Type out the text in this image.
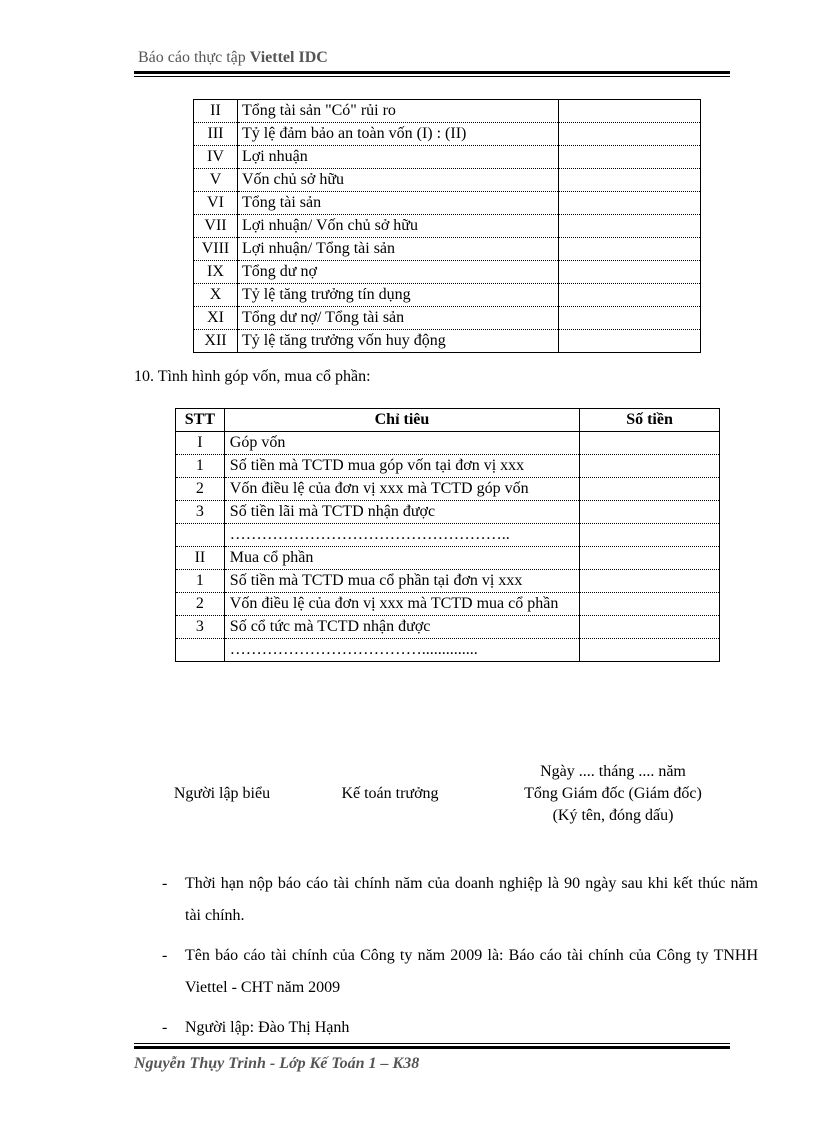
Báo cáo thực tập Viettel IDC
II	Tổng tài sản "Có" rủi ro	
III	Tỷ lệ đảm bảo an toàn vốn (I) : (II)	
IV	Lợi nhuận	
V	Vốn chủ sở hữu	
VI	Tổng tài sản	
VII	Lợi nhuận/ Vốn chủ sở hữu	
VIII	Lợi nhuận/ Tổng tài sản	
IX	Tổng dư nợ	
X	Tỷ lệ tăng trưởng tín dụng	
XI	Tổng dư nợ/ Tổng tài sản	
XII	Tỷ lệ tăng trưởng vốn huy động	
10. Tình hình góp vốn, mua cổ phần:
STT	Chỉ tiêu	Số tiền
I	Góp vốn	
1	Số tiền mà TCTD mua góp vốn tại đơn vị xxx	
2	Vốn điều lệ của đơn vị xxx mà TCTD góp vốn	
3	Số tiền lãi mà TCTD nhận được	
	……………………………………………..	
II	Mua cổ phần	
1	Số tiền mà TCTD mua cổ phần tại đơn vị xxx	
2	Vốn điều lệ của đơn vị xxx mà TCTD mua cổ phần	
3	Số cổ tức mà TCTD nhận được	
	………………………………..............	
Người lập biểu	Kế toán trưởng
Ngày .... tháng .... năm
Tổng Giám đốc (Giám đốc)
(Ký tên, đóng dấu)
- Thời hạn nộp báo cáo tài chính năm của doanh nghiệp là 90 ngày sau khi kết thúc năm tài chính.
- Tên báo cáo tài chính của Công ty năm 2009 là: Báo cáo tài chính của Công ty TNHH Viettel - CHT năm 2009
- Người lập: Đào Thị Hạnh
Nguyễn Thụy Trinh - Lớp Kế Toán 1 – K38
